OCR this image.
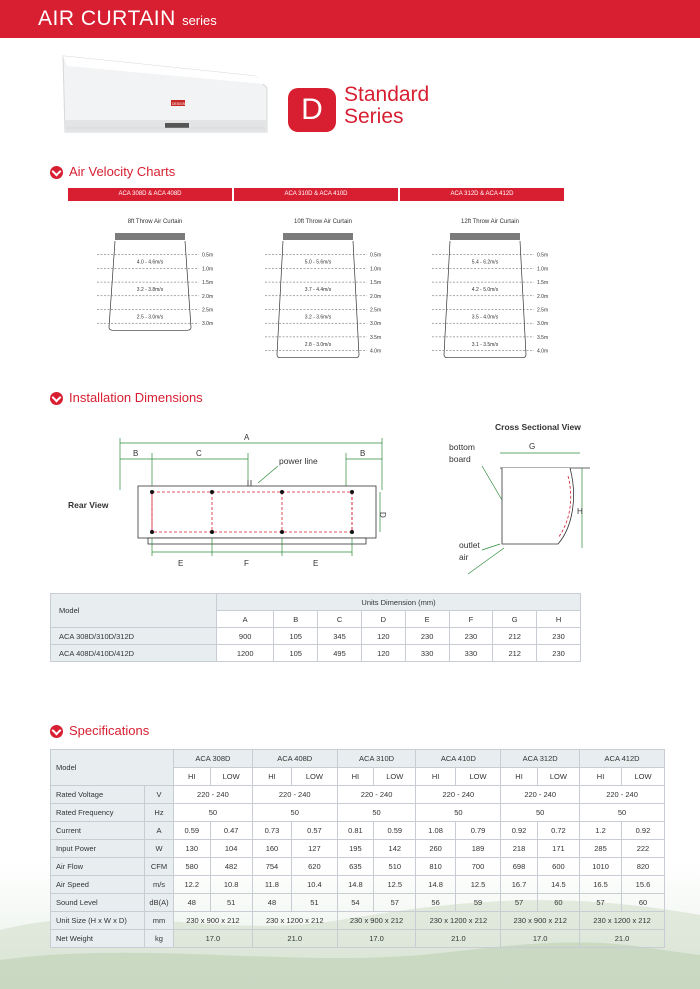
AIR CURTAIN series
DESIGN	D	Standard
Series
Air Velocity Charts
ACA 308D & ACA 408D	ACA 310D & ACA 410D	ACA 312D & ACA 412D
8ft Throw Air Curtain
0.5m
1.0m
1.5m
2.0m
2.5m
3.0m
4.0 - 4.6m/s
3.2 - 3.8m/s
2.5 - 3.0m/s
10ft Throw Air Curtain
0.5m
1.0m
1.5m
2.0m
2.5m
3.0m
3.5m
4.0m
5.0 - 5.6m/s
3.7 - 4.4m/s
3.2 - 3.6m/s
2.8 - 3.0m/s
12ft Throw Air Curtain
0.5m
1.0m
1.5m
2.0m
2.5m
3.0m
3.5m
4.0m
5.4 - 6.2m/s
4.2 - 5.0m/s
3.5 - 4.0m/s
3.1 - 3.5m/s
Installation Dimensions
Rear View
A
B	C	B
power line
D
E	F	E
Cross Sectional View
bottom
board
G
H
outlet
air
Model	Units Dimension (mm)							
	A	B	C	D	E	F	G	H
ACA 308D/310D/312D	900	105	345	120	230	230	212	230
ACA 408D/410D/412D	1200	105	495	120	330	330	212	230
Specifications
Model		ACA 308D		ACA 408D		ACA 310D		ACA 410D		ACA 312D		ACA 412D	
		HI	LOW	HI	LOW	HI	LOW	HI	LOW	HI	LOW	HI	LOW
Rated Voltage	V	220 - 240		220 - 240		220 - 240		220 - 240		220 - 240		220 - 240	
Rated Frequency	Hz	50		50		50		50		50		50	
Current	A	0.59	0.47	0.73	0.57	0.81	0.59	1.08	0.79	0.92	0.72	1.2	0.92
Input Power	W	130	104	160	127	195	142	260	189	218	171	285	222
Air Flow	CFM	580	482	754	620	635	510	810	700	698	600	1010	820
Air Speed	m/s	12.2	10.8	11.8	10.4	14.8	12.5	14.8	12.5	16.7	14.5	16.5	15.6
Sound Level	dB(A)	48	51	48	51	54	57	56	59	57	60	57	60
Unit Size (H x W x D)	mm	230 x 900 x 212		230 x 1200 x 212		230 x 900 x 212		230 x 1200 x 212		230 x 900 x 212		230 x 1200 x 212	
Net Weight	kg	17.0		21.0		17.0		21.0		17.0		21.0	
